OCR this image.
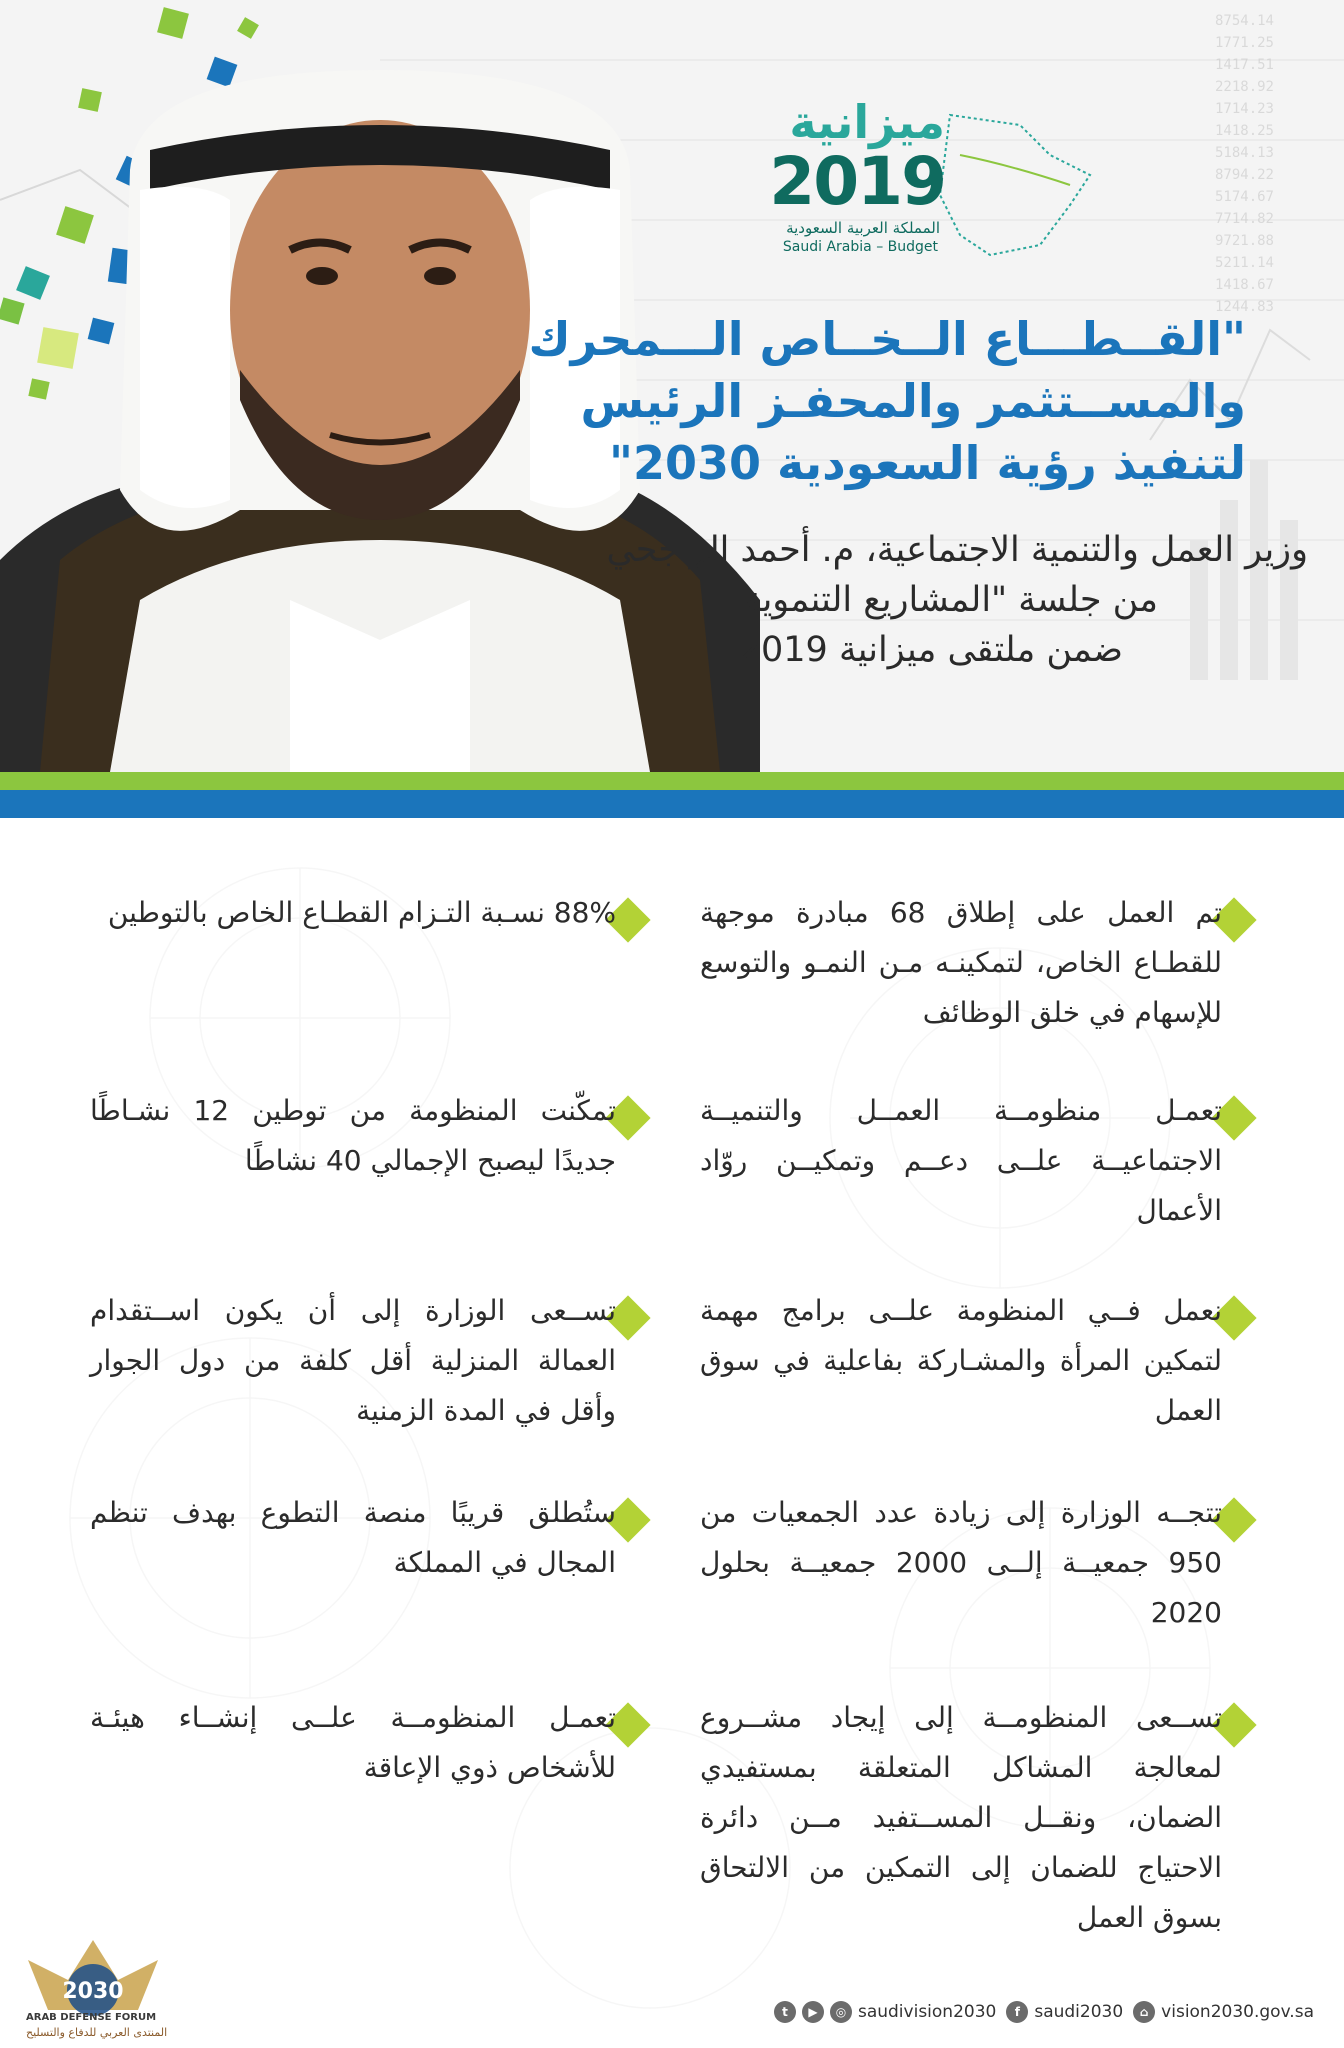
8754.14
1771.25
1417.51
2218.92
1714.23
1418.25
5184.13
8794.22
5174.67
7714.82
9721.88
5211.14
1418.67
1244.83
ميزانية
2019
المملكة العربية السعودية
Saudi Arabia – Budget
"القــطـــاع الــخــاص الـــمحرك
والمســتثمر والمحفـز الرئيس
لتنفيذ رؤية السعودية 2030"
وزير العمل والتنمية الاجتماعية، م. أحمد الراجحي
من جلسة "المشاريع التنموية"
ضمن ملتقى ميزانية 2019
تم العمل على إطلاق 68 مبادرة موجهة للقطـاع الخاص، لتمكينـه مـن النمـو والتوسع للإسهام في خلق الوظائف
88% نسـبة التـزام القطـاع الخاص بالتوطين
تعمـل منظومــة العمــل والتنميــة الاجتماعيــة علــى دعــم وتمكيــن روّاد الأعمال
تمكّنت المنظومة من توطين 12 نشـاطًا جديدًا ليصبح الإجمالي 40 نشاطًا
نعمل فــي المنظومة علــى برامج مهمة لتمكين المرأة والمشـاركة بفاعلية في سوق العمل
تســعى الوزارة إلى أن يكون اســتقدام العمالة المنزلية أقل كلفة من دول الجوار وأقل في المدة الزمنية
تتجــه الوزارة إلى زيادة عدد الجمعيات من 950 جمعيــة إلــى 2000 جمعيــة بحلول 2020
ستُطلق قريبًا منصة التطوع بهدف تنظم المجال في المملكة
تســعى المنظومــة إلى إيجاد مشــروع لمعالجة المشاكل المتعلقة بمستفيدي الضمان، ونقــل المســتفيد مــن دائرة الاحتياج للضمان إلى التمكين من الالتحاق بسوق العمل
تعمـل المنظومــة علــى إنشــاء هيئـة للأشخاص ذوي الإعاقة
2030
ARAB DEFENSE FORUM
المنتدى العربي للدفاع والتسليح
t	▶	◎ saudivision2030	f saudi2030	⌂ vision2030.gov.sa
